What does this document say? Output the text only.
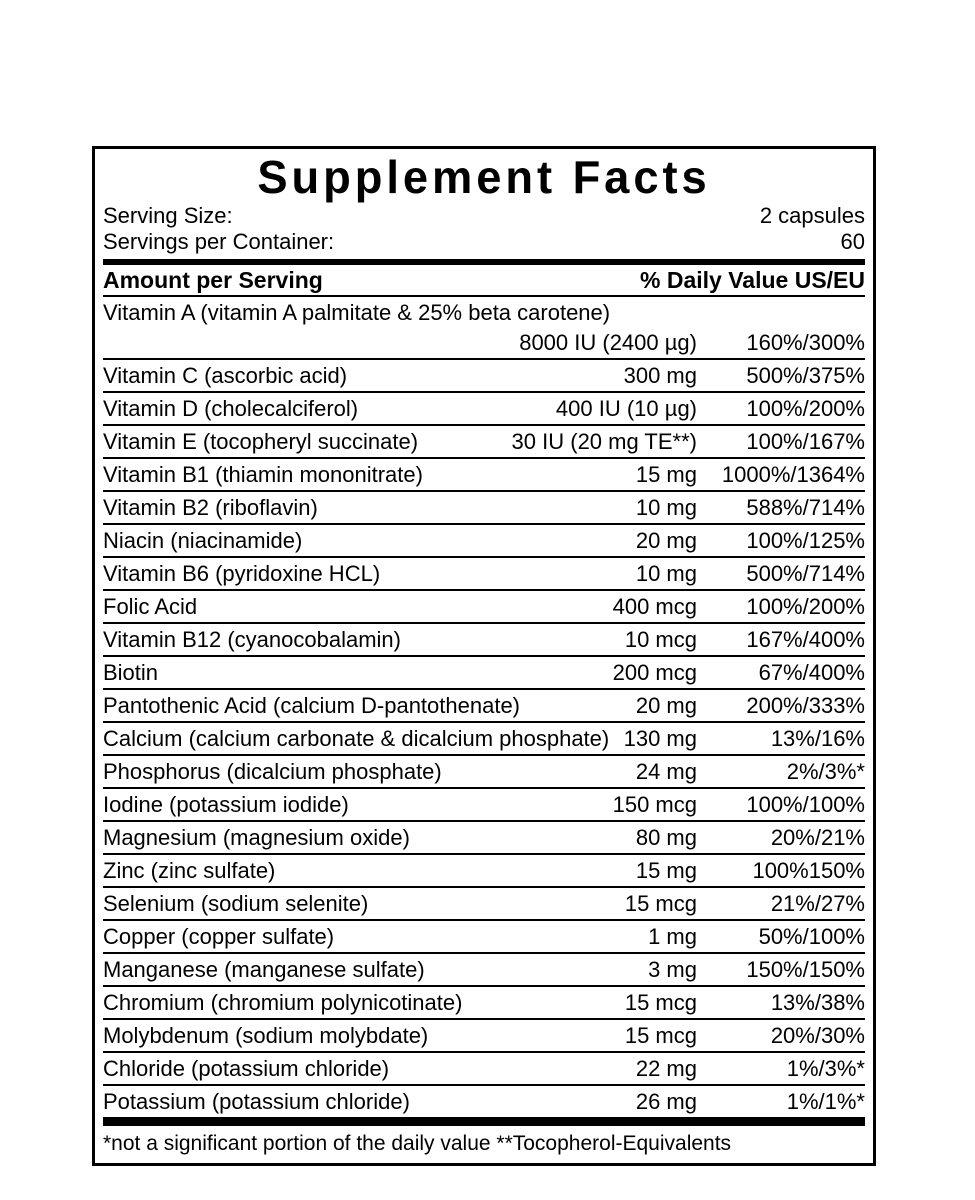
Supplement Facts
Serving Size:	2 capsules
Servings per Container:	60
Amount per Serving	% Daily Value US/EU
Vitamin A (vitamin A palmitate & 25% beta carotene)
8000 IU (2400 µg)	160%/300%
Vitamin C (ascorbic acid)	300 mg	500%/375%
Vitamin D (cholecalciferol)	400 IU (10 µg)	100%/200%
Vitamin E (tocopheryl succinate)	30 IU (20 mg TE**)	100%/167%
Vitamin B1 (thiamin mononitrate)	15 mg	1000%/1364%
Vitamin B2 (riboflavin)	10 mg	588%/714%
Niacin (niacinamide)	20 mg	100%/125%
Vitamin B6 (pyridoxine HCL)	10 mg	500%/714%
Folic Acid	400 mcg	100%/200%
Vitamin B12 (cyanocobalamin)	10 mcg	167%/400%
Biotin	200 mcg	67%/400%
Pantothenic Acid (calcium D-pantothenate)	20 mg	200%/333%
Calcium (calcium carbonate & dicalcium phosphate) 130 mg	13%/16%
Phosphorus (dicalcium phosphate)	24 mg	2%/3%*
Iodine (potassium iodide)	150 mcg	100%/100%
Magnesium (magnesium oxide)	80 mg	20%/21%
Zinc (zinc sulfate)	15 mg	100%150%
Selenium (sodium selenite)	15 mcg	21%/27%
Copper (copper sulfate)	1 mg	50%/100%
Manganese (manganese sulfate)	3 mg	150%/150%
Chromium (chromium polynicotinate)	15 mcg	13%/38%
Molybdenum (sodium molybdate)	15 mcg	20%/30%
Chloride (potassium chloride)	22 mg	1%/3%*
Potassium (potassium chloride)	26 mg	1%/1%*
*not a significant portion of the daily value **Tocopherol-Equivalents
